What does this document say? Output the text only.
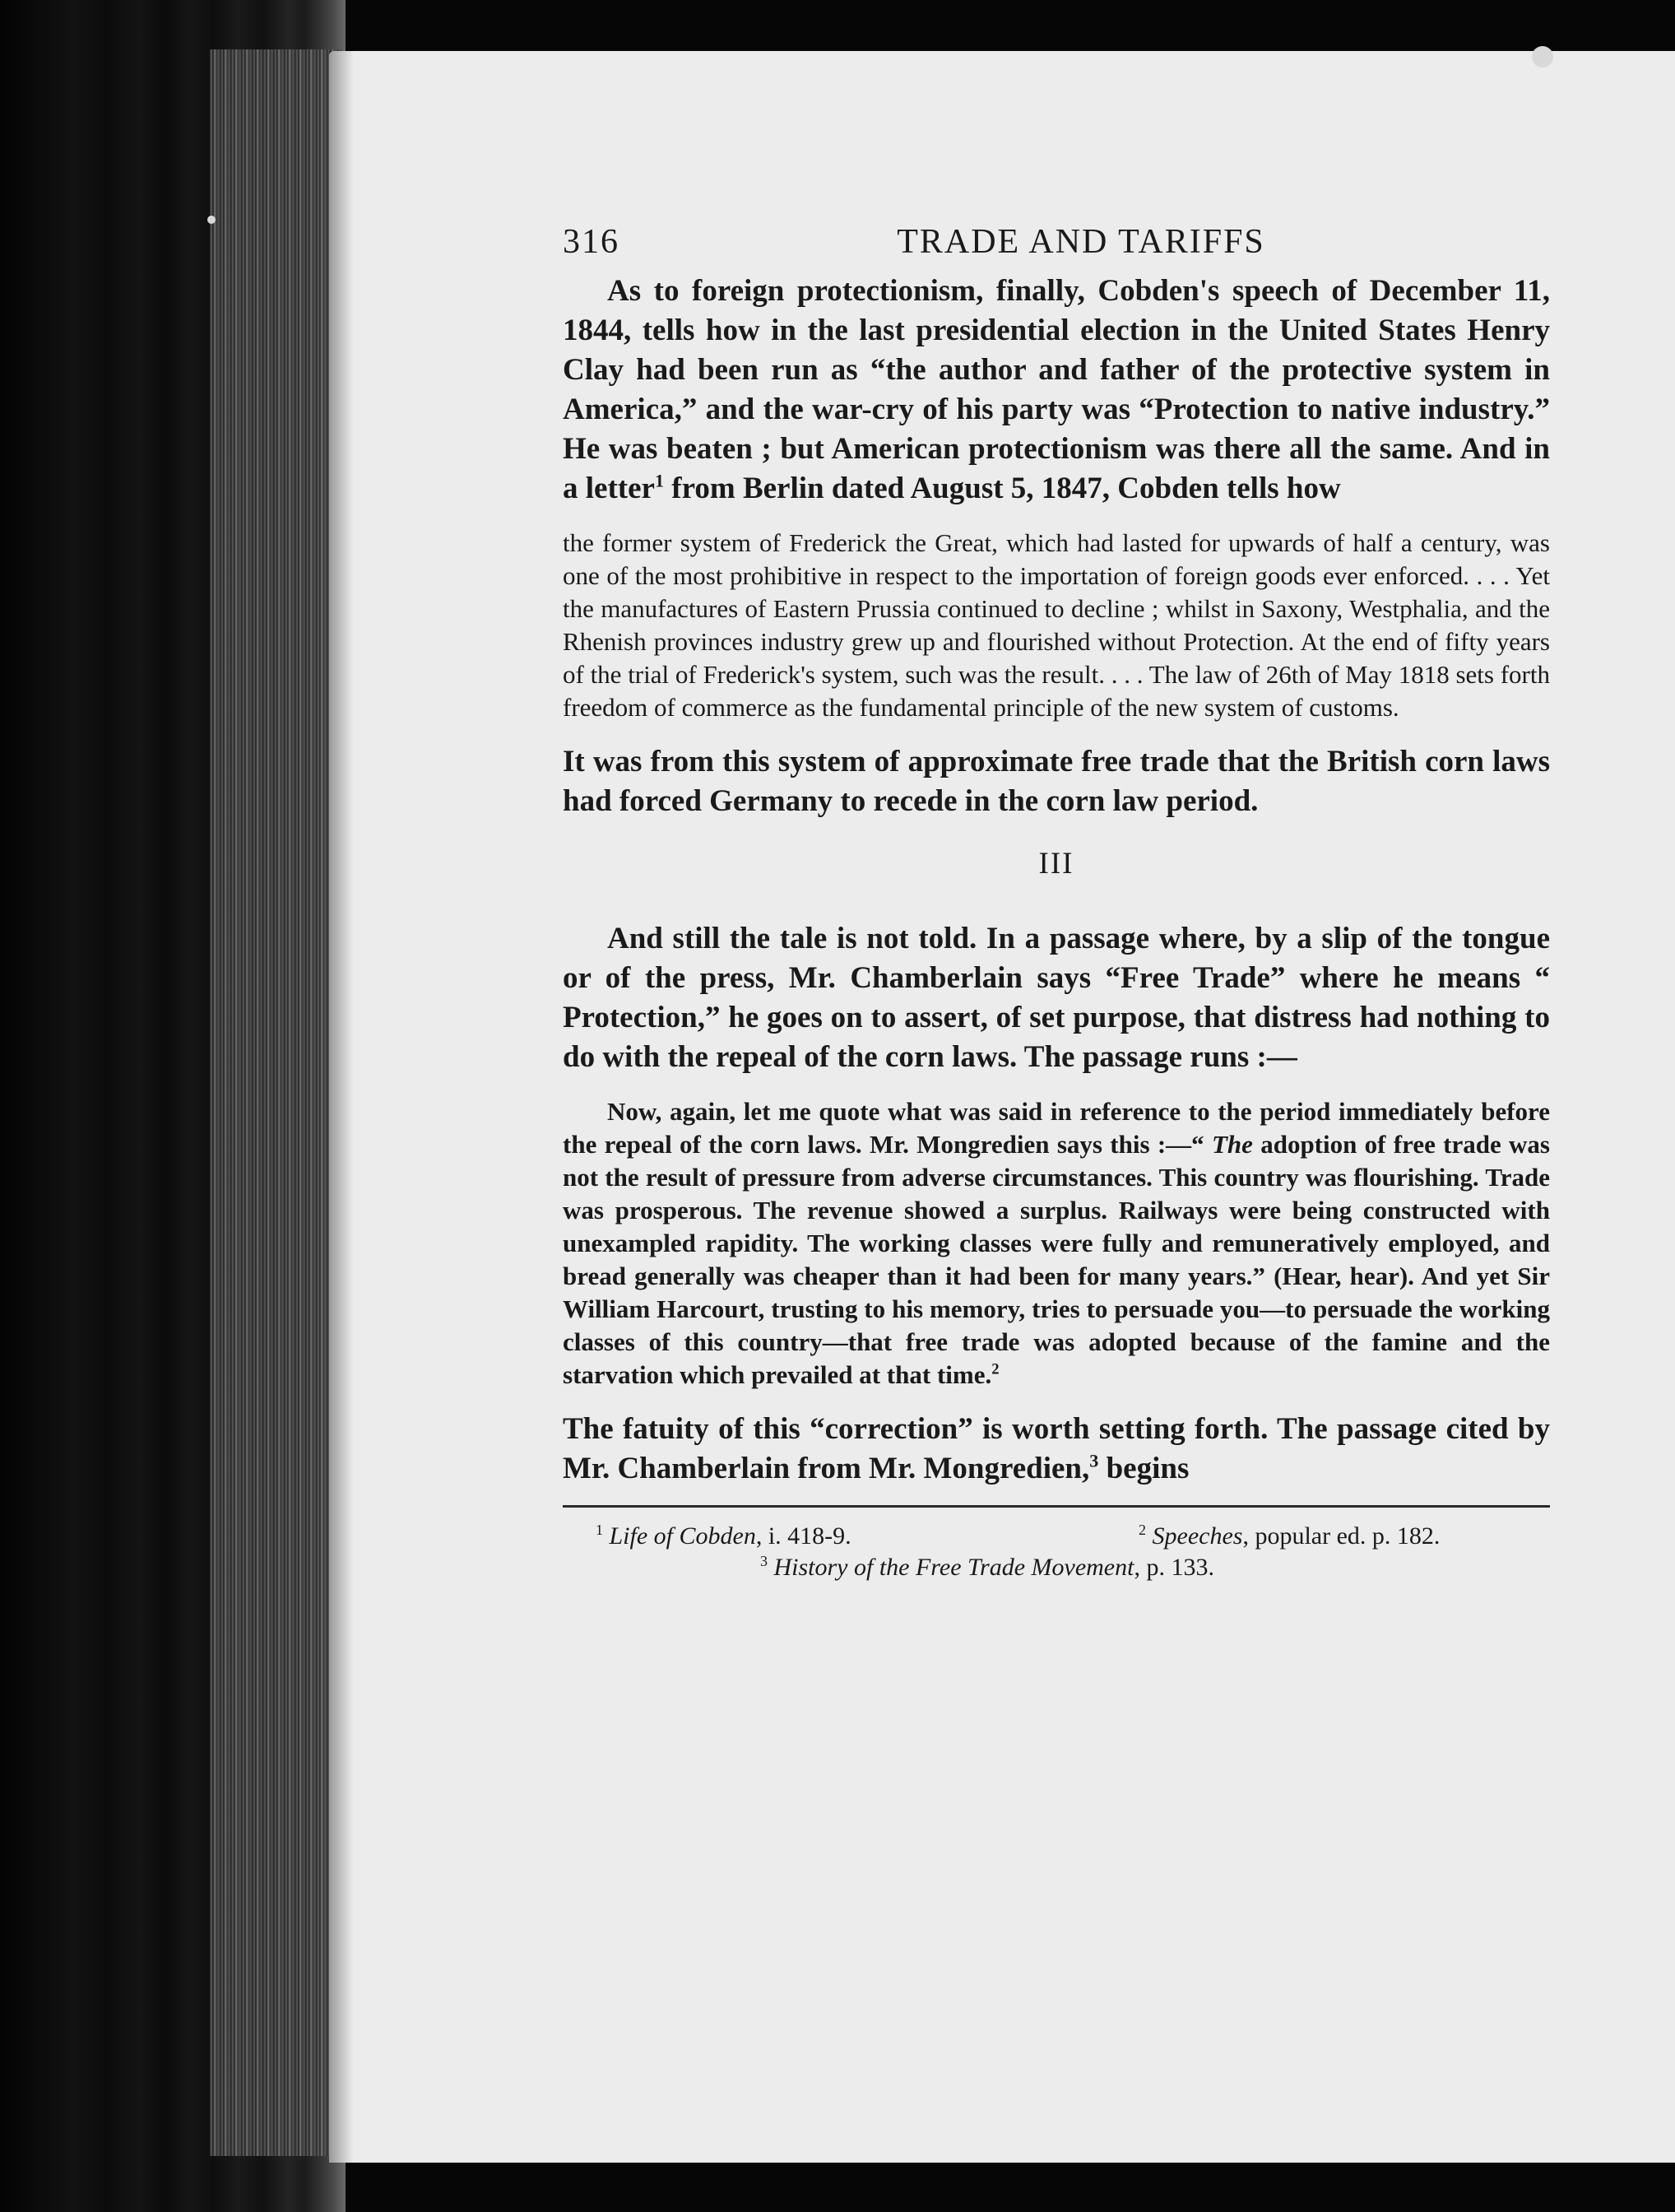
316	TRADE AND TARIFFS

As to foreign protectionism, finally, Cobden's speech of December 11, 1844, tells how in the last presidential election in the United States Henry Clay had been run as “the author and father of the protective system in America,” and the war-cry of his party was “Protection to native industry.” He was beaten ; but American protectionism was there all the same. And in a letter$^1$ from Berlin dated August 5, 1847, Cobden tells how

the former system of Frederick the Great, which had lasted for upwards of half a century, was one of the most prohibitive in respect to the importation of foreign goods ever enforced. . . . Yet the manufactures of Eastern Prussia continued to decline ; whilst in Saxony, Westphalia, and the Rhenish provinces industry grew up and flourished without Protection. At the end of fifty years of the trial of Frederick's system, such was the result. . . . The law of 26th of May 1818 sets forth freedom of commerce as the fundamental principle of the new system of customs.

It was from this system of approximate free trade that the British corn laws had forced Germany to recede in the corn law period.

III

And still the tale is not told. In a passage where, by a slip of the tongue or of the press, Mr. Chamberlain says “Free Trade” where he means “ Protection,” he goes on to assert, of set purpose, that distress had nothing to do with the repeal of the corn laws. The passage runs :—

Now, again, let me quote what was said in reference to the period immediately before the repeal of the corn laws. Mr. Mongredien says this :—“ The adoption of free trade was not the result of pressure from adverse circumstances. This country was flourishing. Trade was prosperous. The revenue showed a surplus. Railways were being constructed with unexampled rapidity. The working classes were fully and remuneratively employed, and bread generally was cheaper than it had been for many years.” (Hear, hear). And yet Sir William Harcourt, trusting to his memory, tries to persuade you—to persuade the working classes of this country—that free trade was adopted because of the famine and the starvation which prevailed at that time.$^2$

The fatuity of this “correction” is worth setting forth. The passage cited by Mr. Chamberlain from Mr. Mongredien,$^3$ begins

$^1$ Life of Cobden, i. 418-9.	$^2$ Speeches, popular ed. p. 182.
$^3$ History of the Free Trade Movement, p. 133.
